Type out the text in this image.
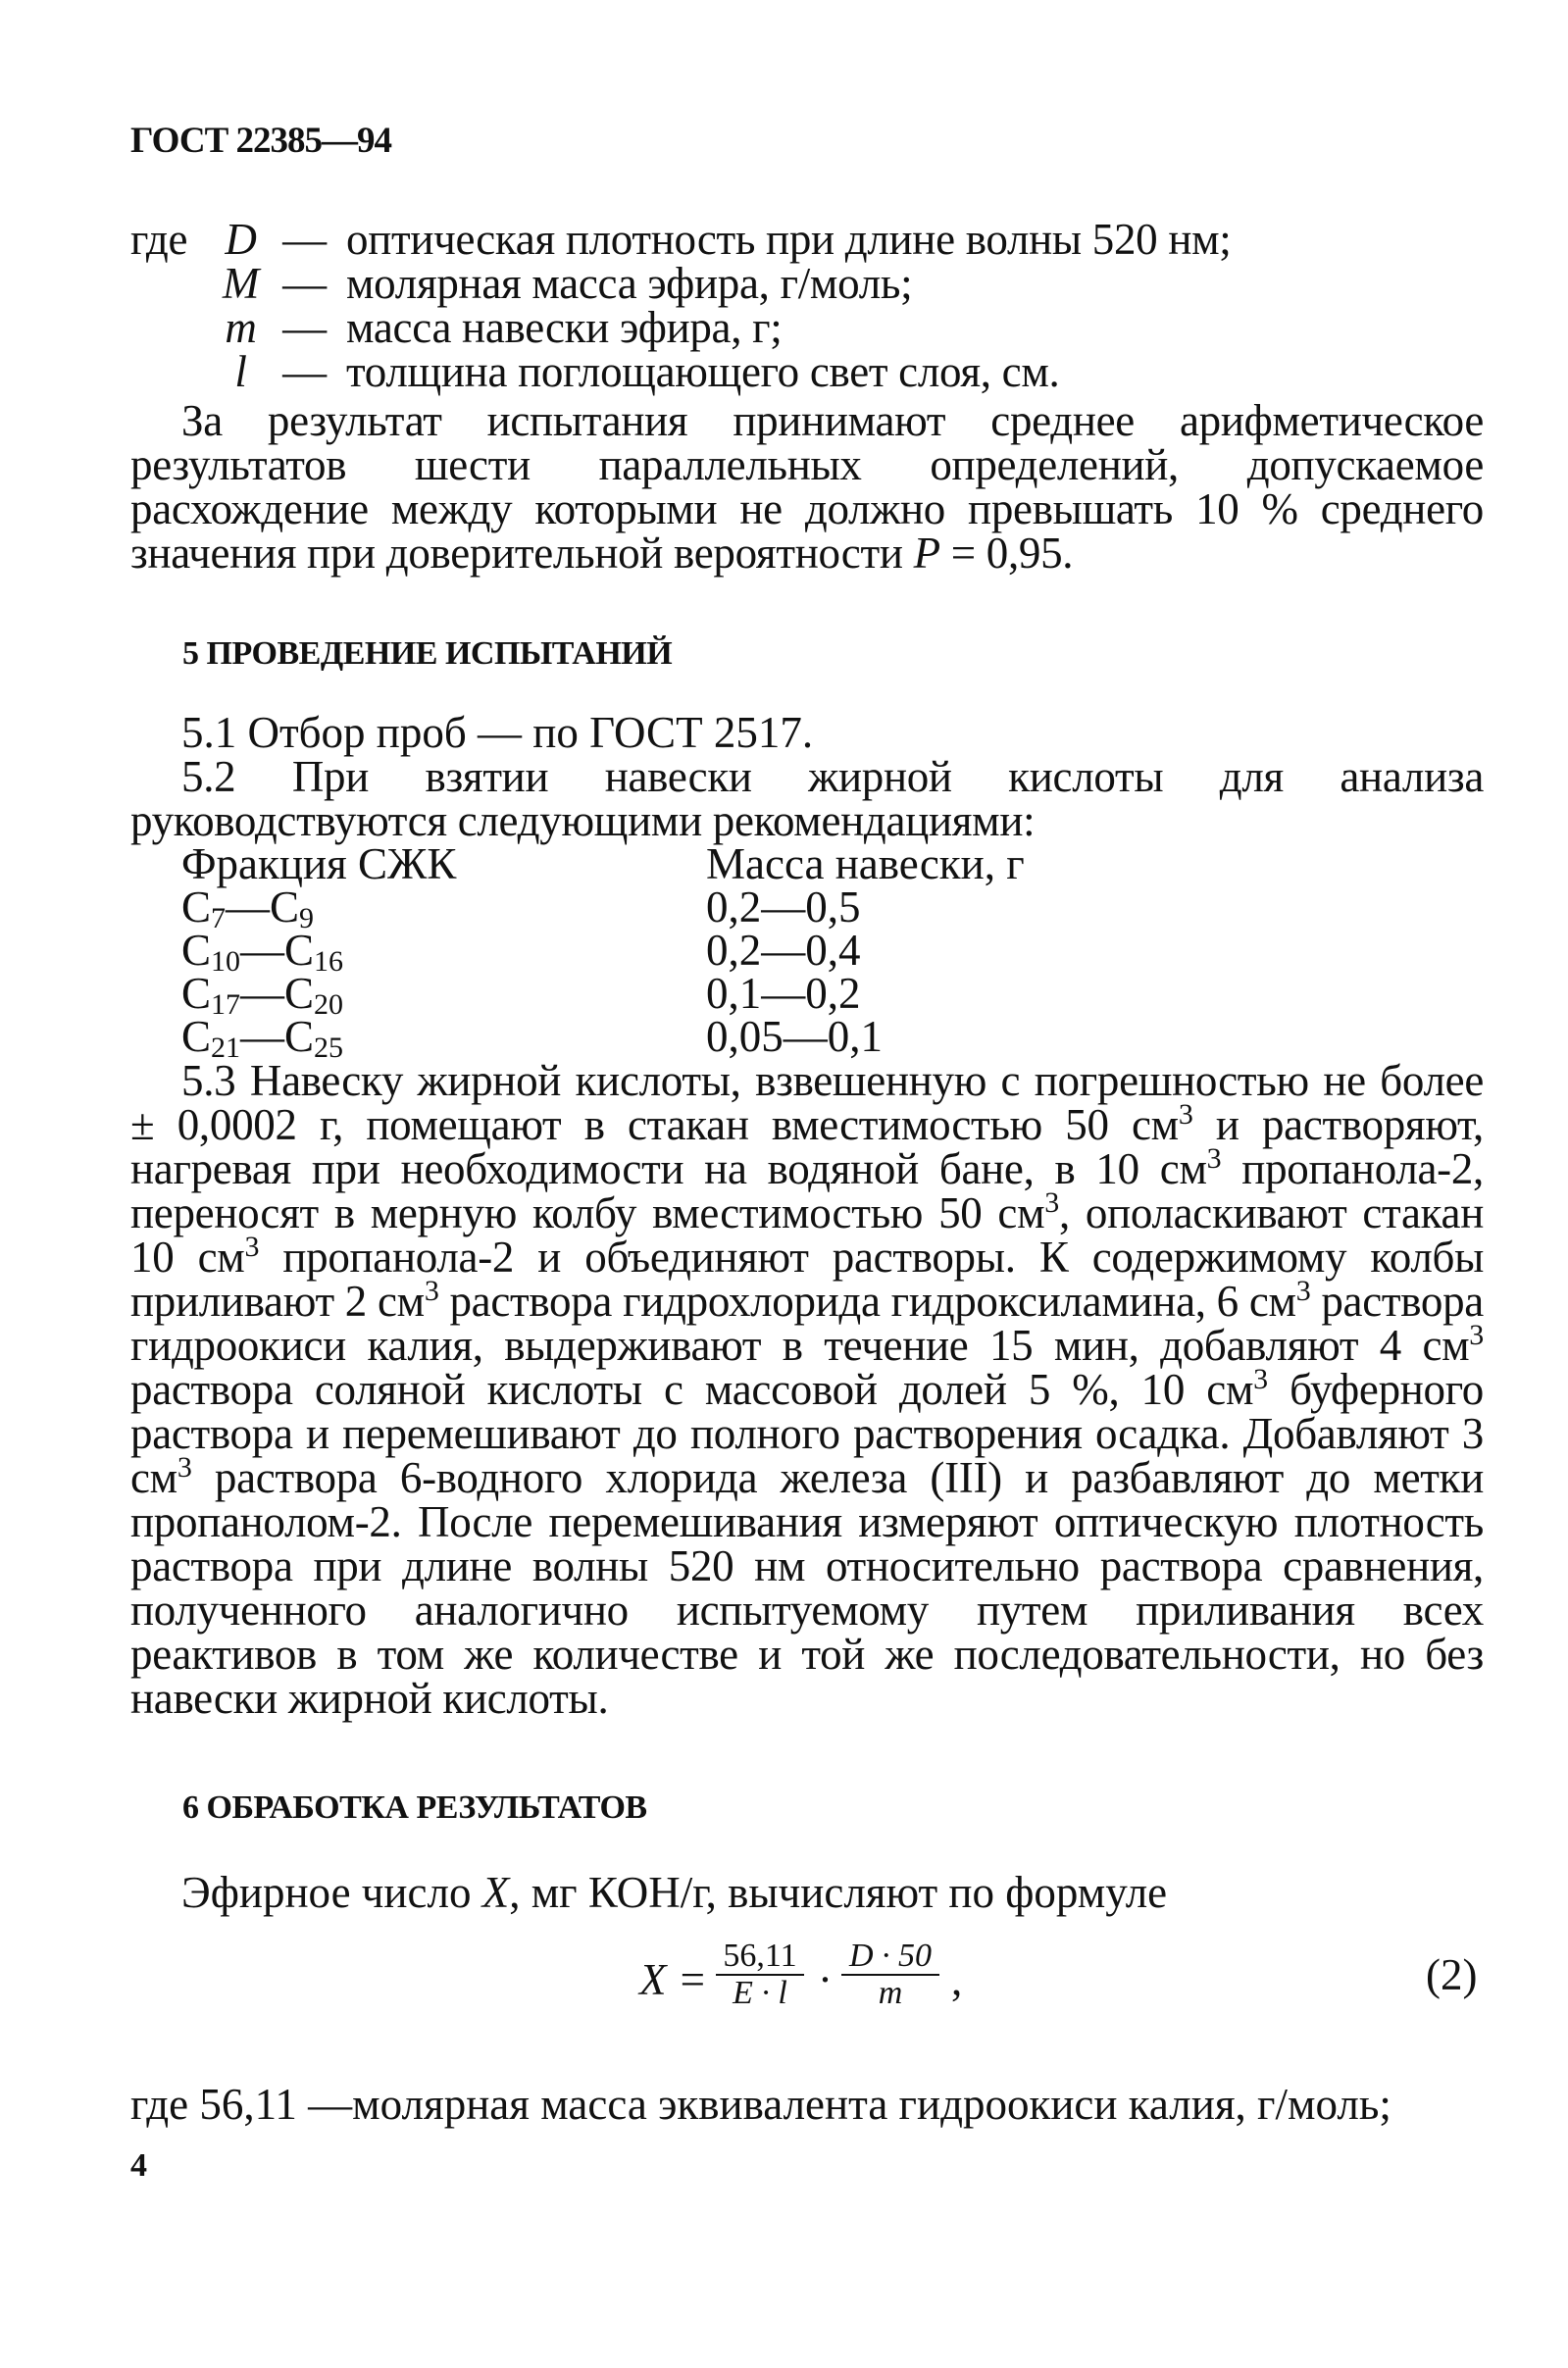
ГОСТ 22385—94
где D — оптическая плотность при длине волны 520 нм;
M — молярная масса эфира, г/моль;
m — масса навески эфира, г;
l — толщина поглощающего свет слоя, см.
За результат испытания принимают среднее арифметическое результатов шести параллельных определений, допускаемое расхождение между которыми не должно превышать 10 % среднего значения при доверительной вероятности P = 0,95.
5 ПРОВЕДЕНИЕ ИСПЫТАНИЙ
5.1 Отбор проб — по ГОСТ 2517.
5.2 При взятии навески жирной кислоты для анализа руководствуются следующими рекомендациями:
Фракция СЖК	Масса навески, г
$C_7—C_9$	0,2—0,5
$C_{10}—C_{16}$	0,2—0,4
$C_{17}—C_{20}$	0,1—0,2
$C_{21}—C_{25}$	0,05—0,1
5.3 Навеску жирной кислоты, взвешенную с погрешностью не более ± 0,0002 г, помещают в стакан вместимостью 50 $см^3$ и растворяют, нагревая при необходимости на водяной бане, в 10 $см^3$ пропанола-2, переносят в мерную колбу вместимостью 50 $см^3$, ополаскивают стакан 10 $см^3$ пропанола-2 и объединяют растворы. К содержимому колбы приливают 2 $см^3$ раствора гидрохлорида гидроксиламина, 6 $см^3$ раствора гидроокиси калия, выдерживают в течение 15 мин, добавляют 4 $см^3$ раствора соляной кислоты с массовой долей 5 %, 10 $см^3$ буферного раствора и перемешивают до полного растворения осадка. Добавляют 3 $см^3$ раствора 6-водного хлорида железа (III) и разбавляют до метки пропанолом-2. После перемешивания измеряют оптическую плотность раствора при длине волны 520 нм относительно раствора сравнения, полученного аналогично испытуемому путем приливания всех реактивов в том же количестве и той же последовательности, но без навески жирной кислоты.
6 ОБРАБОТКА РЕЗУЛЬТАТОВ
Эфирное число X, мг КОН/г, вычисляют по формуле
$X = \frac{56,11}{E \cdot l} \cdot \frac{D \cdot 50}{m}$ ,	(2)
где 56,11 —молярная масса эквивалента гидроокиси калия, г/моль;
4
